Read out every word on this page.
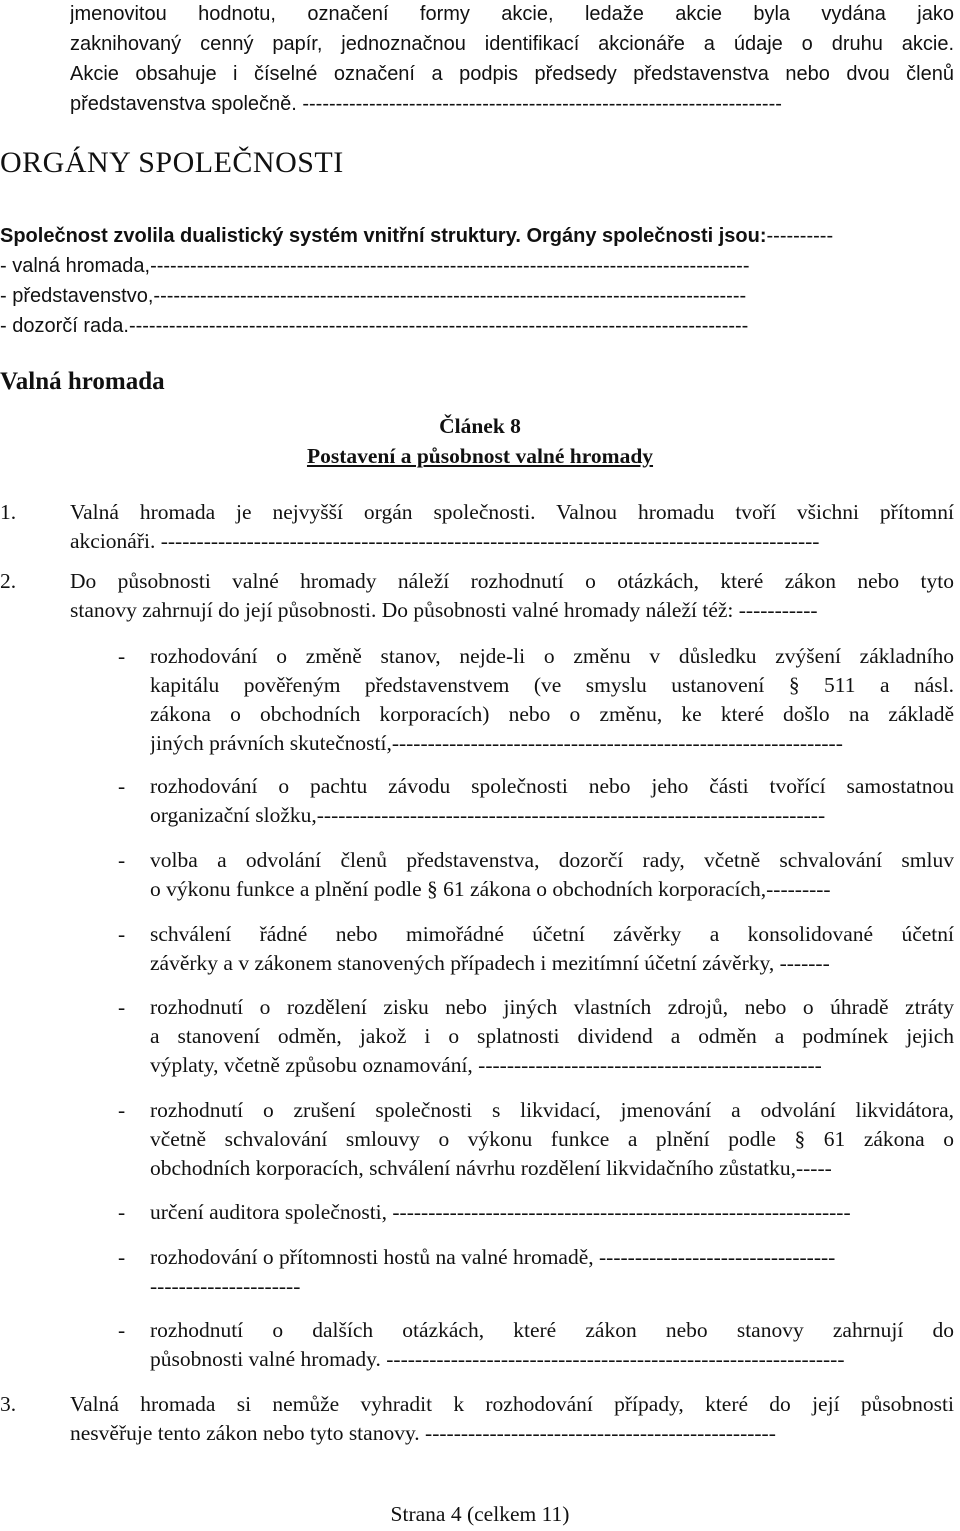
jmenovitou hodnotu, označení formy akcie, ledaže akcie byla vydána jako
zaknihovaný cenný papír, jednoznačnou identifikací akcionáře a údaje o druhu akcie.
Akcie obsahuje i číselné označení a podpis předsedy představenstva nebo dvou členů
představenstva společně. ------------------------------------------------------------------------
ORGÁNY SPOLEČNOSTI
Společnost zvolila dualistický systém vnitřní struktury. Orgány společnosti jsou:----------
- valná hromada,------------------------------------------------------------------------------------------
- představenstvo,-----------------------------------------------------------------------------------------
- dozorčí rada.---------------------------------------------------------------------------------------------
Valná hromada
Článek 8
Postavení a působnost valné hromady
1.	Valná hromada je nejvyšší orgán společnosti. Valnou hromadu tvoří všichni přítomní
akcionáři. --------------------------------------------------------------------------------------------
2.	Do působnosti valné hromady náleží rozhodnutí o otázkách, které zákon nebo tyto
stanovy zahrnují do její působnosti. Do působnosti valné hromady náleží též: -----------
- rozhodování o změně stanov, nejde-li o změnu v důsledku zvýšení základního
kapitálu pověřeným představenstvem (ve smyslu ustanovení § 511 a násl.
zákona o obchodních korporacích) nebo o změnu, ke které došlo na základě
jiných právních skutečností,---------------------------------------------------------------
- rozhodování o pachtu závodu společnosti nebo jeho části tvořící samostatnou
organizační složku,-----------------------------------------------------------------------
- volba a odvolání členů představenstva, dozorčí rady, včetně schvalování smluv
o výkonu funkce a plnění podle § 61 zákona o obchodních korporacích,---------
- schválení řádné nebo mimořádné účetní závěrky a konsolidované účetní
závěrky a v zákonem stanovených případech i mezitímní účetní závěrky, -------
- rozhodnutí o rozdělení zisku nebo jiných vlastních zdrojů, nebo o úhradě ztráty
a stanovení odměn, jakož i o splatnosti dividend a odměn a podmínek jejich
výplaty, včetně způsobu oznamování, ------------------------------------------------
- rozhodnutí o zrušení společnosti s likvidací, jmenování a odvolání likvidátora,
včetně schvalování smlouvy o výkonu funkce a plnění podle § 61 zákona o
obchodních korporacích, schválení návrhu rozdělení likvidačního zůstatku,-----
- určení auditora společnosti, ----------------------------------------------------------------
- rozhodování o přítomnosti hostů na valné hromadě, ---------------------------------
---------------------
- rozhodnutí o dalších otázkách, které zákon nebo stanovy zahrnují do
působnosti valné hromady. ----------------------------------------------------------------
3.	Valná hromada si nemůže vyhradit k rozhodování případy, které do její působnosti
nesvěřuje tento zákon nebo tyto stanovy. -------------------------------------------------
Strana 4 (celkem 11)
